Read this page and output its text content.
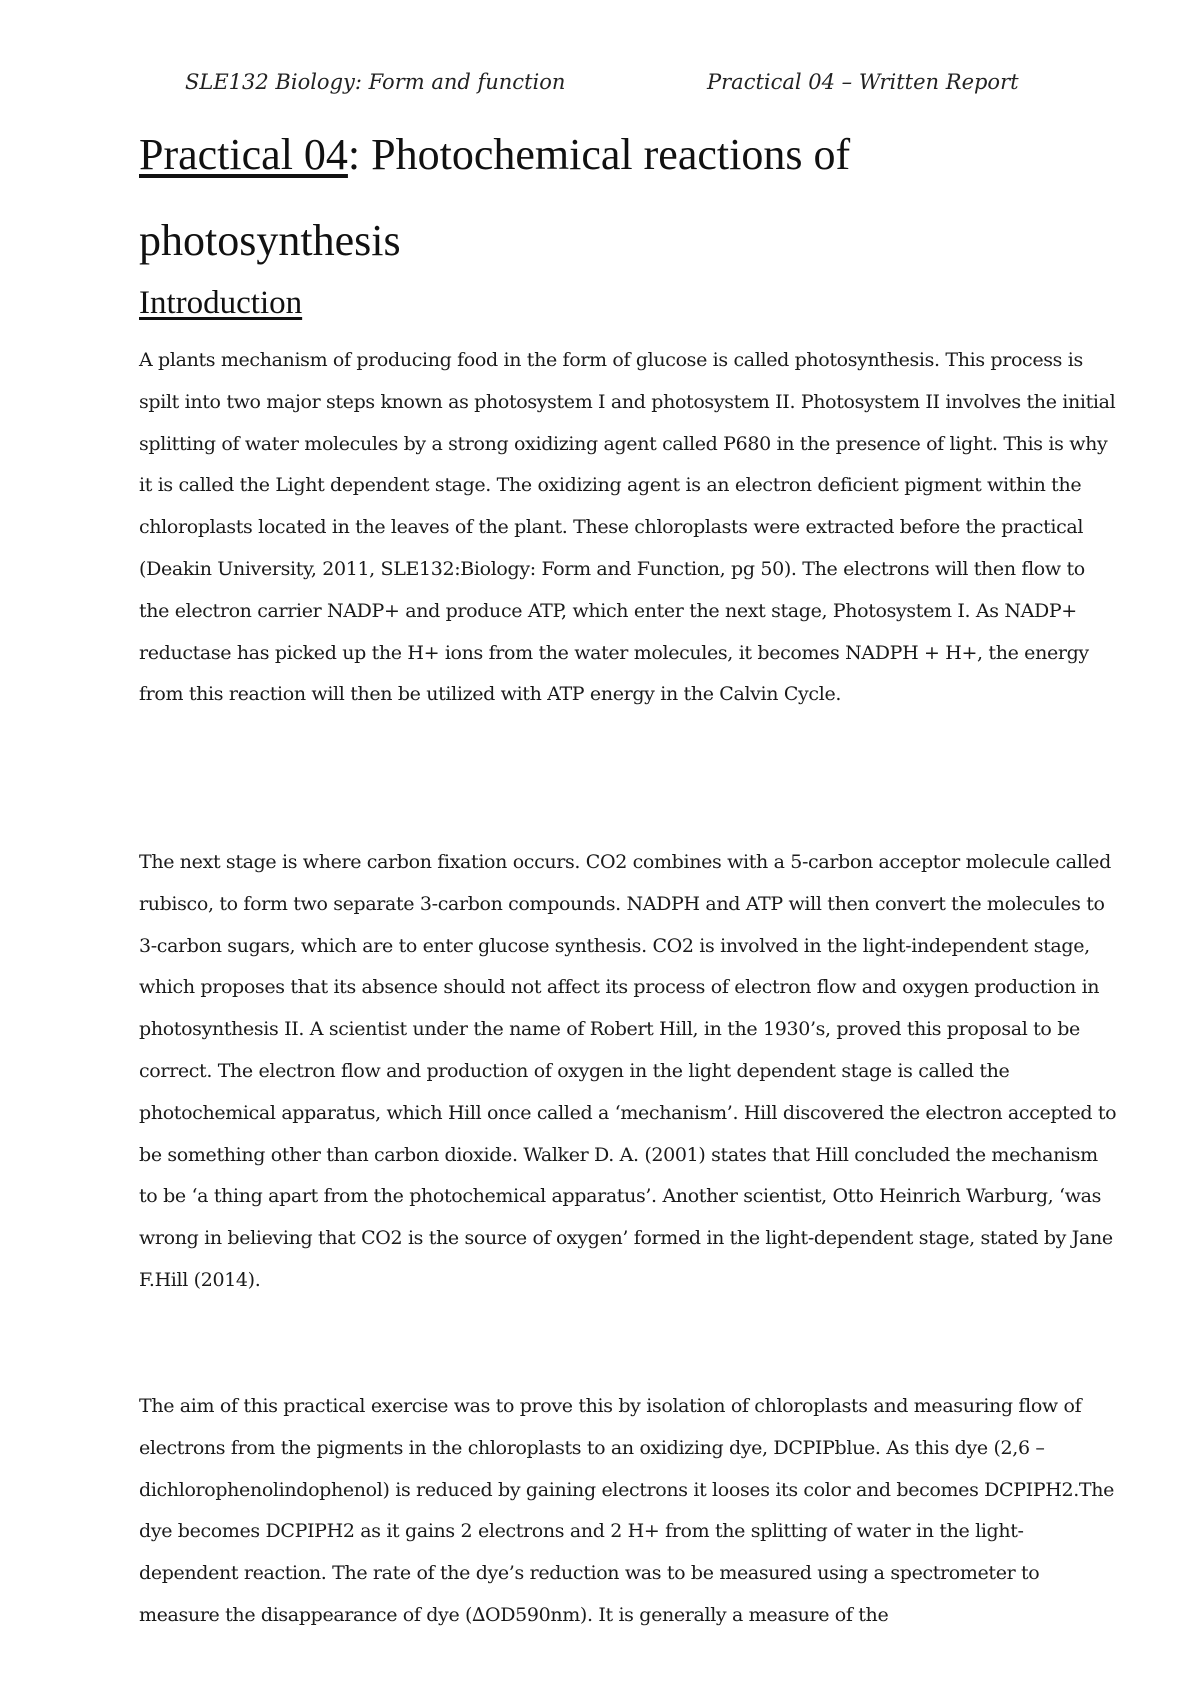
SLE132 Biology: Form and function	Practical 04 – Written Report
Practical 04: Photochemical reactions of photosynthesis
Introduction

A plants mechanism of producing food in the form of glucose is called photosynthesis. This process is spilt into two major steps known as photosystem I and photosystem II. Photosystem II involves the initial splitting of water molecules by a strong oxidizing agent called P680 in the presence of light. This is why it is called the Light dependent stage. The oxidizing agent is an electron deficient pigment within the chloroplasts located in the leaves of the plant. These chloroplasts were extracted before the practical (Deakin University, 2011, SLE132:Biology: Form and Function, pg 50). The electrons will then flow to the electron carrier NADP+ and produce ATP, which enter the next stage, Photosystem I. As NADP+ reductase has picked up the H+ ions from the water molecules, it becomes NADPH + H+, the energy from this reaction will then be utilized with ATP energy in the Calvin Cycle.

The next stage is where carbon fixation occurs. CO2 combines with a 5-carbon acceptor molecule called rubisco, to form two separate 3-carbon compounds. NADPH and ATP will then convert the molecules to 3-carbon sugars, which are to enter glucose synthesis. CO2 is involved in the light-independent stage, which proposes that its absence should not affect its process of electron flow and oxygen production in photosynthesis II. A scientist under the name of Robert Hill, in the 1930’s, proved this proposal to be correct. The electron flow and production of oxygen in the light dependent stage is called the photochemical apparatus, which Hill once called a ‘mechanism’. Hill discovered the electron accepted to be something other than carbon dioxide. Walker D. A. (2001) states that Hill concluded the mechanism to be ‘a thing apart from the photochemical apparatus’. Another scientist, Otto Heinrich Warburg, ‘was wrong in believing that CO2 is the source of oxygen’ formed in the light-dependent stage, stated by Jane F.Hill (2014).

The aim of this practical exercise was to prove this by isolation of chloroplasts and measuring flow of electrons from the pigments in the chloroplasts to an oxidizing dye, DCPIPblue. As this dye (2,6 – dichlorophenolindophenol) is reduced by gaining electrons it looses its color and becomes DCPIPH2.The dye becomes DCPIPH2 as it gains 2 electrons and 2 H+ from the splitting of water in the light-dependent reaction. The rate of the dye’s reduction was to be measured using a spectrometer to measure the disappearance of dye (∆OD590nm). It is generally a measure of the
